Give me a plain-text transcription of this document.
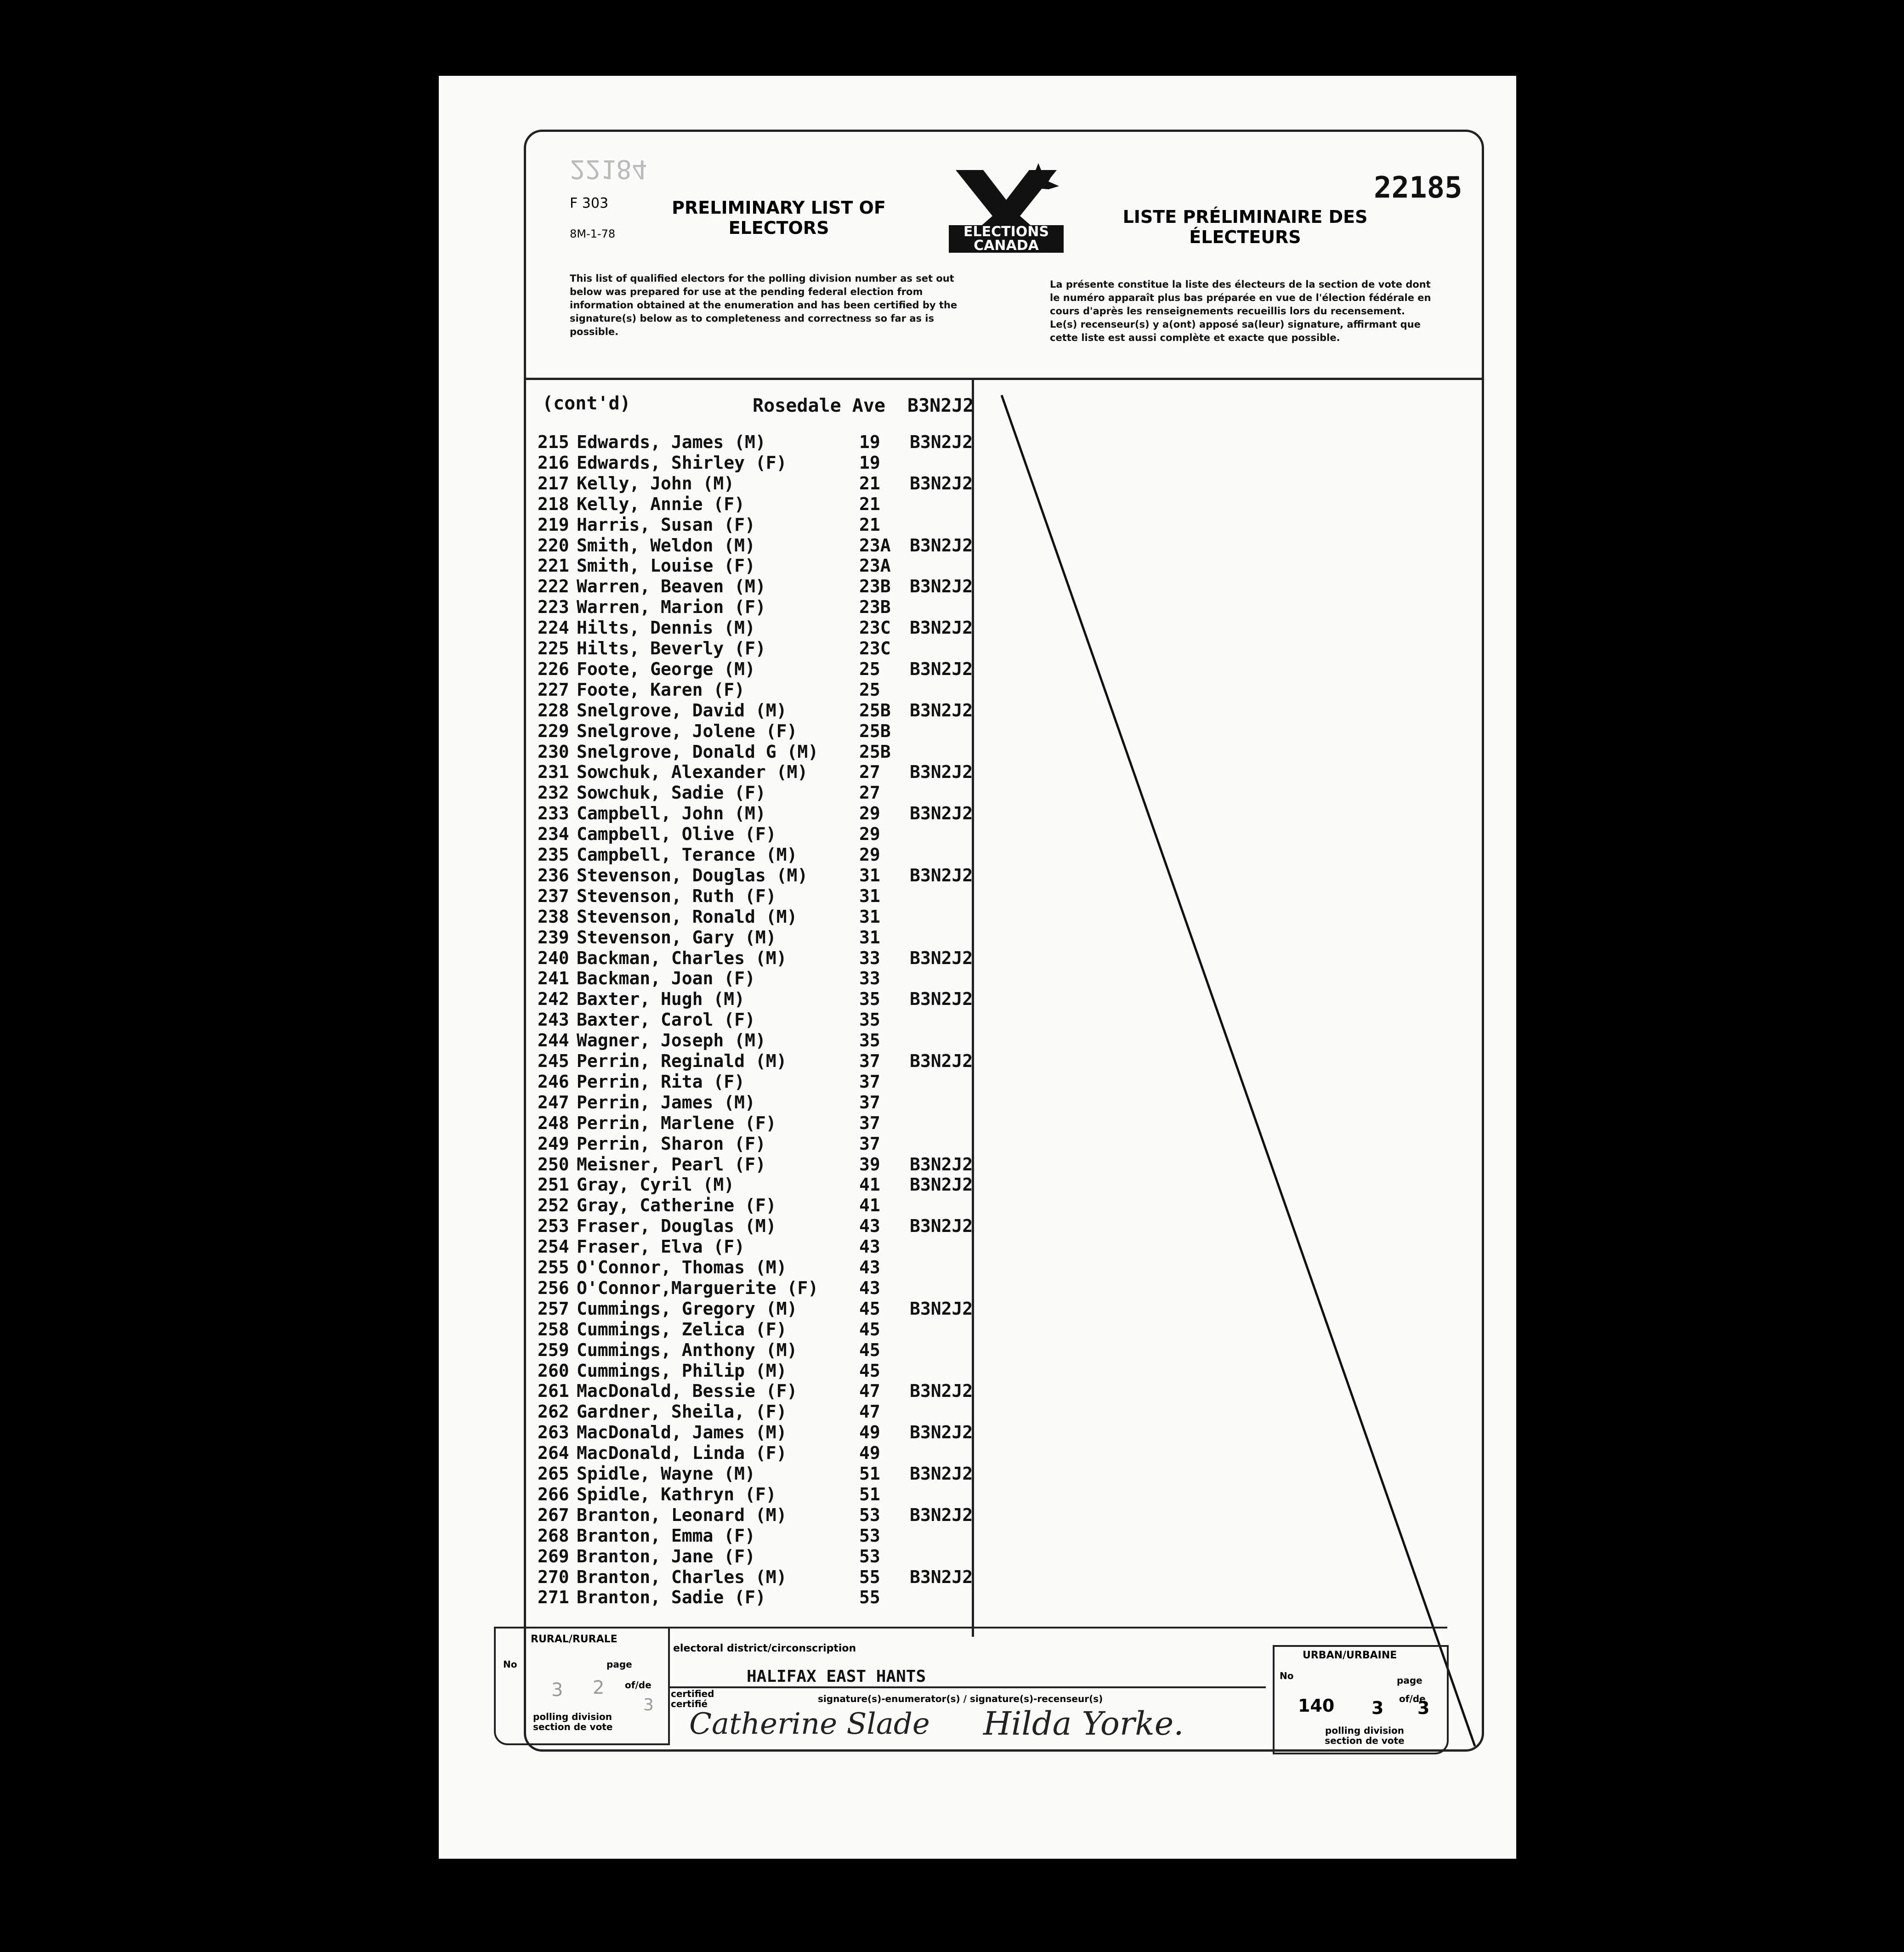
22184
F 303
8M-1-78
PRELIMINARY LIST OF ELECTORS	ELECTIONS CANADA
LISTE PRÉLIMINAIRE DES ÉLECTEURS
22185
This list of qualified electors for the polling division number as set out below was prepared for use at the pending federal election from information obtained at the enumeration and has been certified by the signature(s) below as to completeness and correctness so far as is possible.
La présente constitue la liste des électeurs de la section de vote dont le numéro apparaît plus bas préparée en vue de l'élection fédérale en cours d'après les renseignements recueillis lors du recensement. Le(s) recenseur(s) y a(ont) apposé sa(leur) signature, affirmant que cette liste est aussi complète et exacte que possible.
(cont'd)	Rosedale Ave B3N2J2
215 Edwards, James (M)	19 B3N2J2
216 Edwards, Shirley (F)	19
217 Kelly, John (M)	21 B3N2J2
218 Kelly, Annie (F)	21
219 Harris, Susan (F)	21
220 Smith, Weldon (M)	23A B3N2J2
221 Smith, Louise (F)	23A
222 Warren, Beaven (M)	23B B3N2J2
223 Warren, Marion (F)	23B
224 Hilts, Dennis (M)	23C B3N2J2
225 Hilts, Beverly (F)	23C
226 Foote, George (M)	25 B3N2J2
227 Foote, Karen (F)	25
228 Snelgrove, David (M)	25B B3N2J2
229 Snelgrove, Jolene (F)	25B
230 Snelgrove, Donald G (M) 25B
231 Sowchuk, Alexander (M)	27 B3N2J2
232 Sowchuk, Sadie (F)	27
233 Campbell, John (M)	29 B3N2J2
234 Campbell, Olive (F)	29
235 Campbell, Terance (M)	29
236 Stevenson, Douglas (M)	31 B3N2J2
237 Stevenson, Ruth (F)	31
238 Stevenson, Ronald (M)	31
239 Stevenson, Gary (M)	31
240 Backman, Charles (M)	33 B3N2J2
241 Backman, Joan (F)	33
242 Baxter, Hugh (M)	35 B3N2J2
243 Baxter, Carol (F)	35
244 Wagner, Joseph (M)	35
245 Perrin, Reginald (M)	37 B3N2J2
246 Perrin, Rita (F)	37
247 Perrin, James (M)	37
248 Perrin, Marlene (F)	37
249 Perrin, Sharon (F)	37
250 Meisner, Pearl (F)	39 B3N2J2
251 Gray, Cyril (M)	41 B3N2J2
252 Gray, Catherine (F)	41
253 Fraser, Douglas (M)	43 B3N2J2
254 Fraser, Elva (F)	43
255 O'Connor, Thomas (M)	43
256 O'Connor,Marguerite (F) 43
257 Cummings, Gregory (M)	45 B3N2J2
258 Cummings, Zelica (F)	45
259 Cummings, Anthony (M)	45
260 Cummings, Philip (M)	45
261 MacDonald, Bessie (F)	47 B3N2J2
262 Gardner, Sheila, (F)	47
263 MacDonald, James (M)	49 B3N2J2
264 MacDonald, Linda (F)	49
265 Spidle, Wayne (M)	51 B3N2J2
266 Spidle, Kathryn (F)	51
267 Branton, Leonard (M)	53 B3N2J2
268 Branton, Emma (F)	53
269 Branton, Jane (F)	53
270 Branton, Charles (M)	55 B3N2J2
271 Branton, Sadie (F)	55
RURAL/RURALE
No	page
of/de
3 2
3
polling division section de vote
electoral district/circonscription
HALIFAX EAST HANTS
certified certifié	signature(s)-enumerator(s) / signature(s)-recenseur(s)
Catherine Slade Hilda Yorke.
URBAN/URBAINE
No	page
of/de
140 3 3
polling division section de vote
